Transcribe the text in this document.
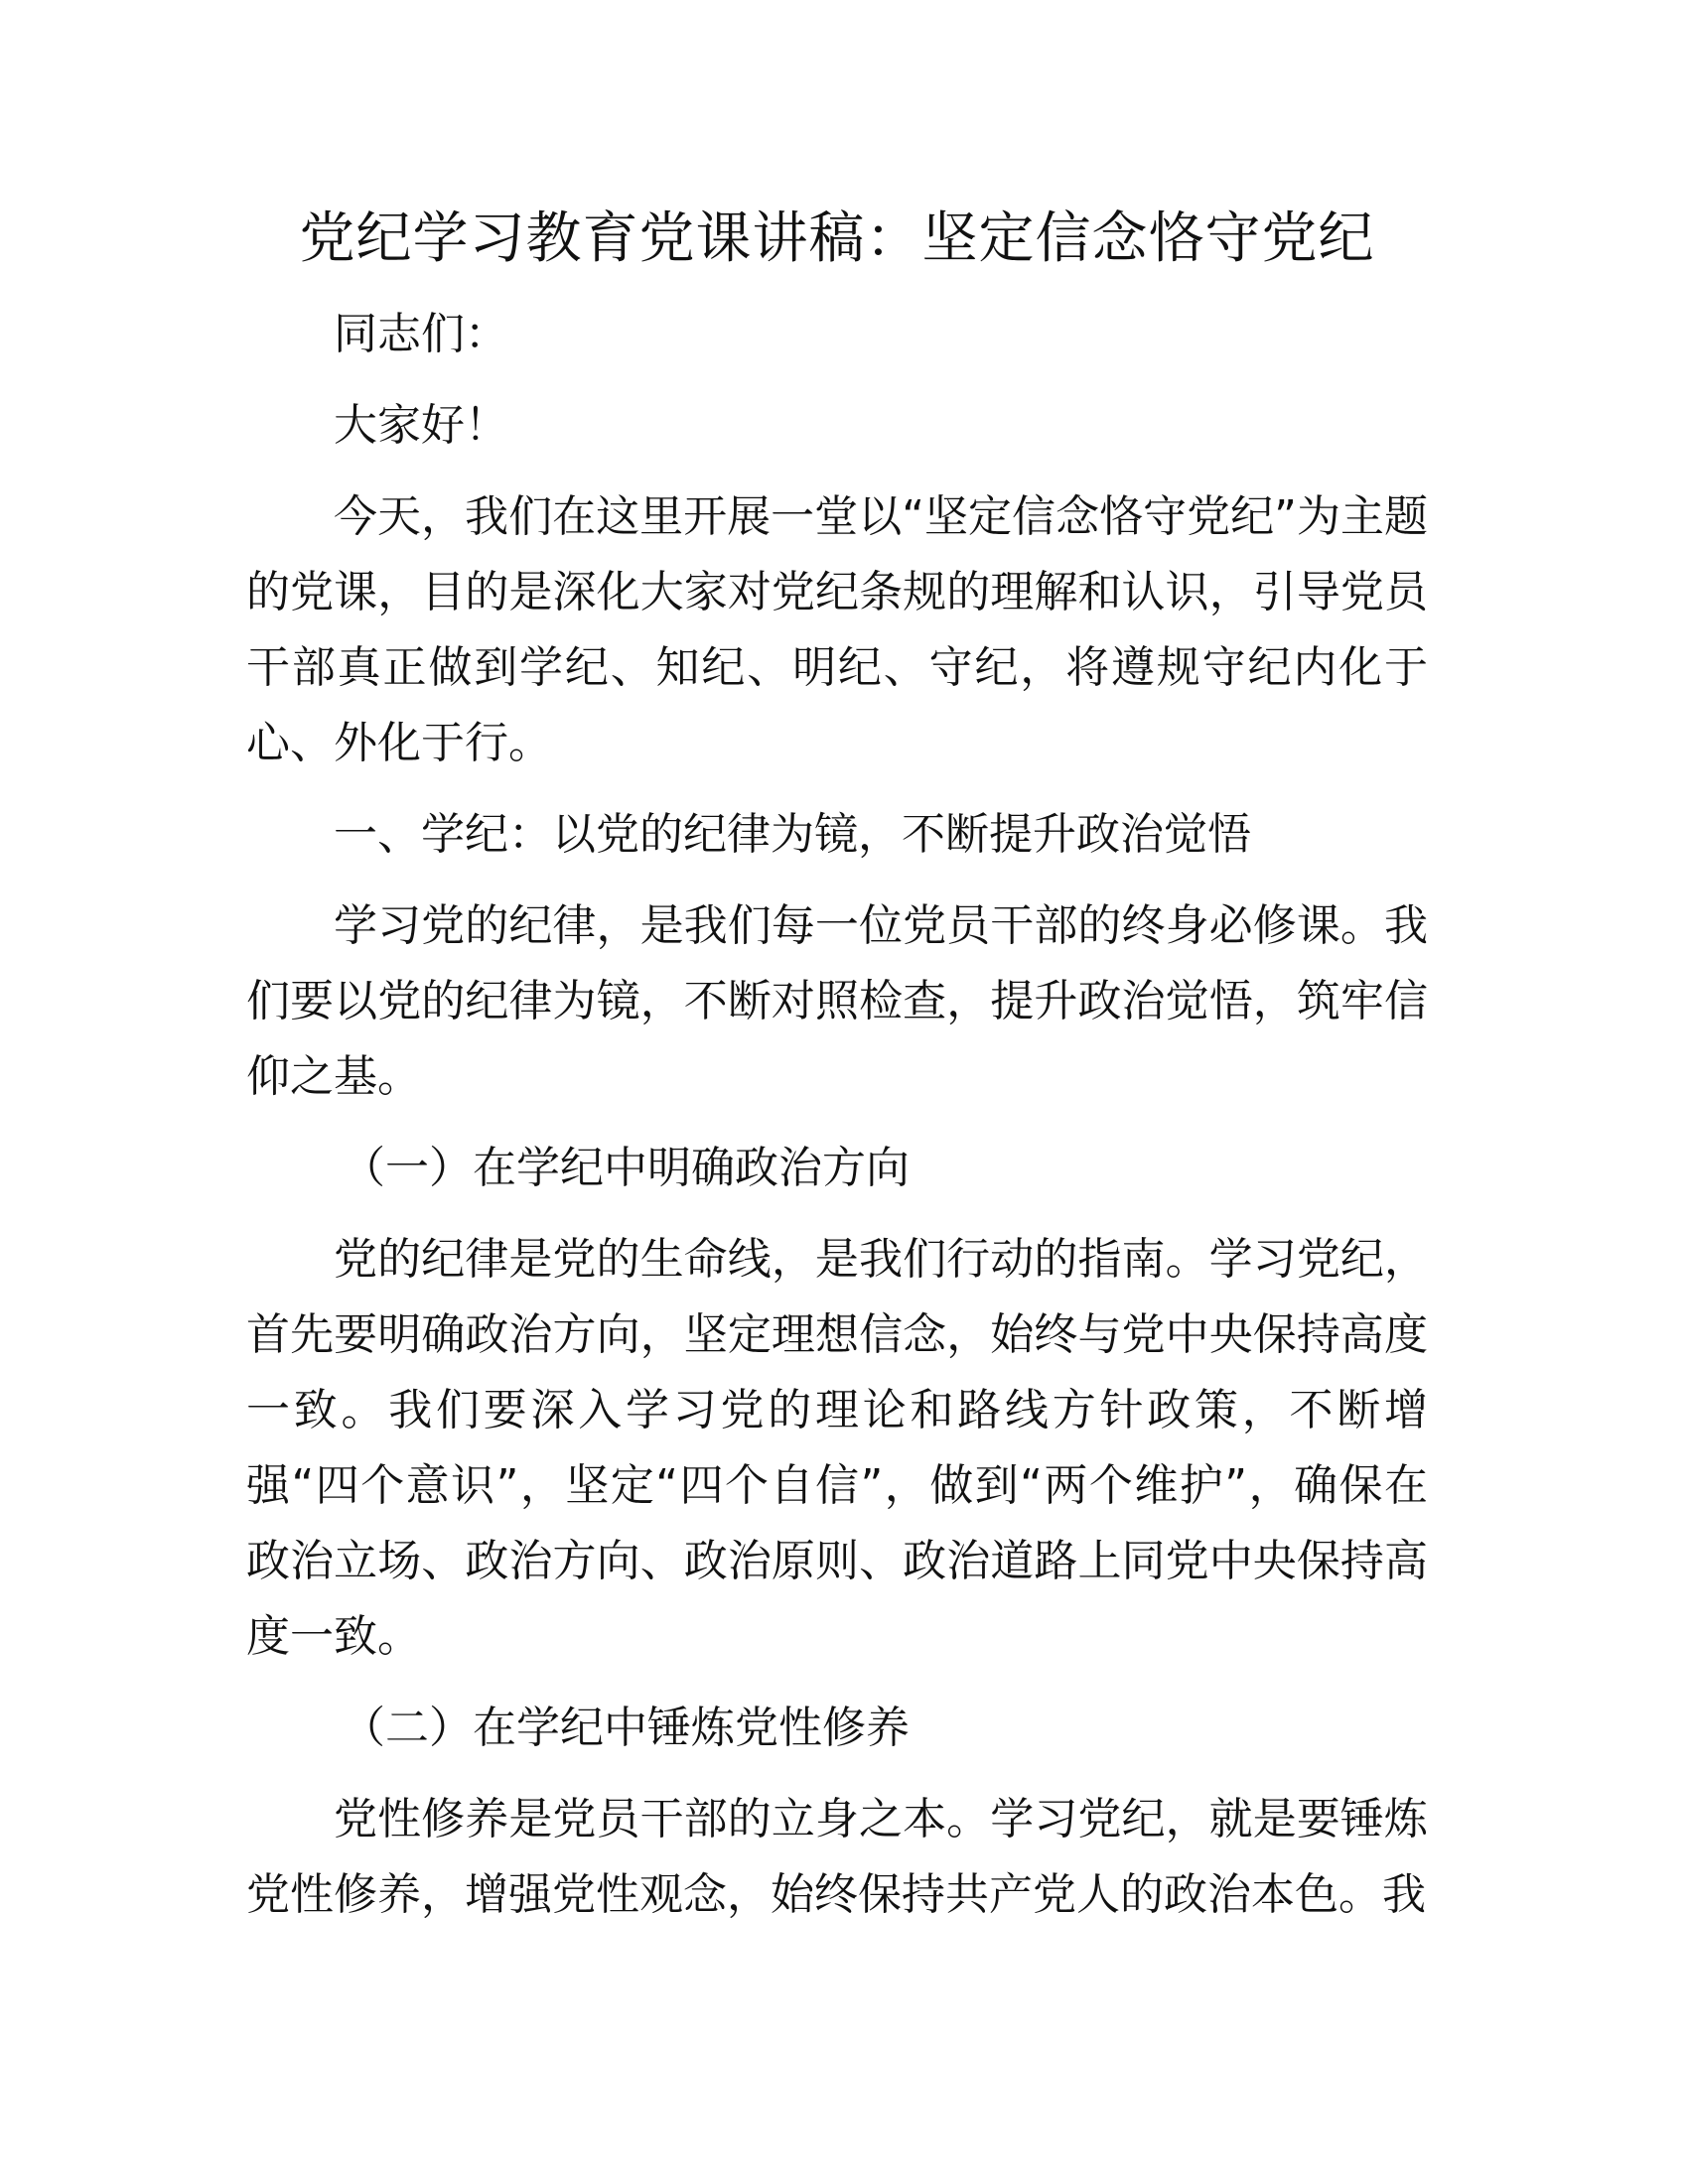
党纪学习教育党课讲稿：坚定信念恪守党纪

同志们：

大家好！

今天，我们在这里开展一堂以“坚定信念恪守党纪”为主题的党课，目的是深化大家对党纪条规的理解和认识，引导党员干部真正做到学纪、知纪、明纪、守纪，将遵规守纪内化于心、外化于行。

一、学纪：以党的纪律为镜，不断提升政治觉悟

学习党的纪律，是我们每一位党员干部的终身必修课。我们要以党的纪律为镜，不断对照检查，提升政治觉悟，筑牢信仰之基。

（一）在学纪中明确政治方向

党的纪律是党的生命线，是我们行动的指南。学习党纪，首先要明确政治方向，坚定理想信念，始终与党中央保持高度一致。我们要深入学习党的理论和路线方针政策，不断增强“四个意识”，坚定“四个自信”，做到“两个维护”，确保在政治立场、政治方向、政治原则、政治道路上同党中央保持高度一致。

（二）在学纪中锤炼党性修养

党性修养是党员干部的立身之本。学习党纪，就是要锤炼党性修养，增强党性观念，始终保持共产党人的政治本色。我
